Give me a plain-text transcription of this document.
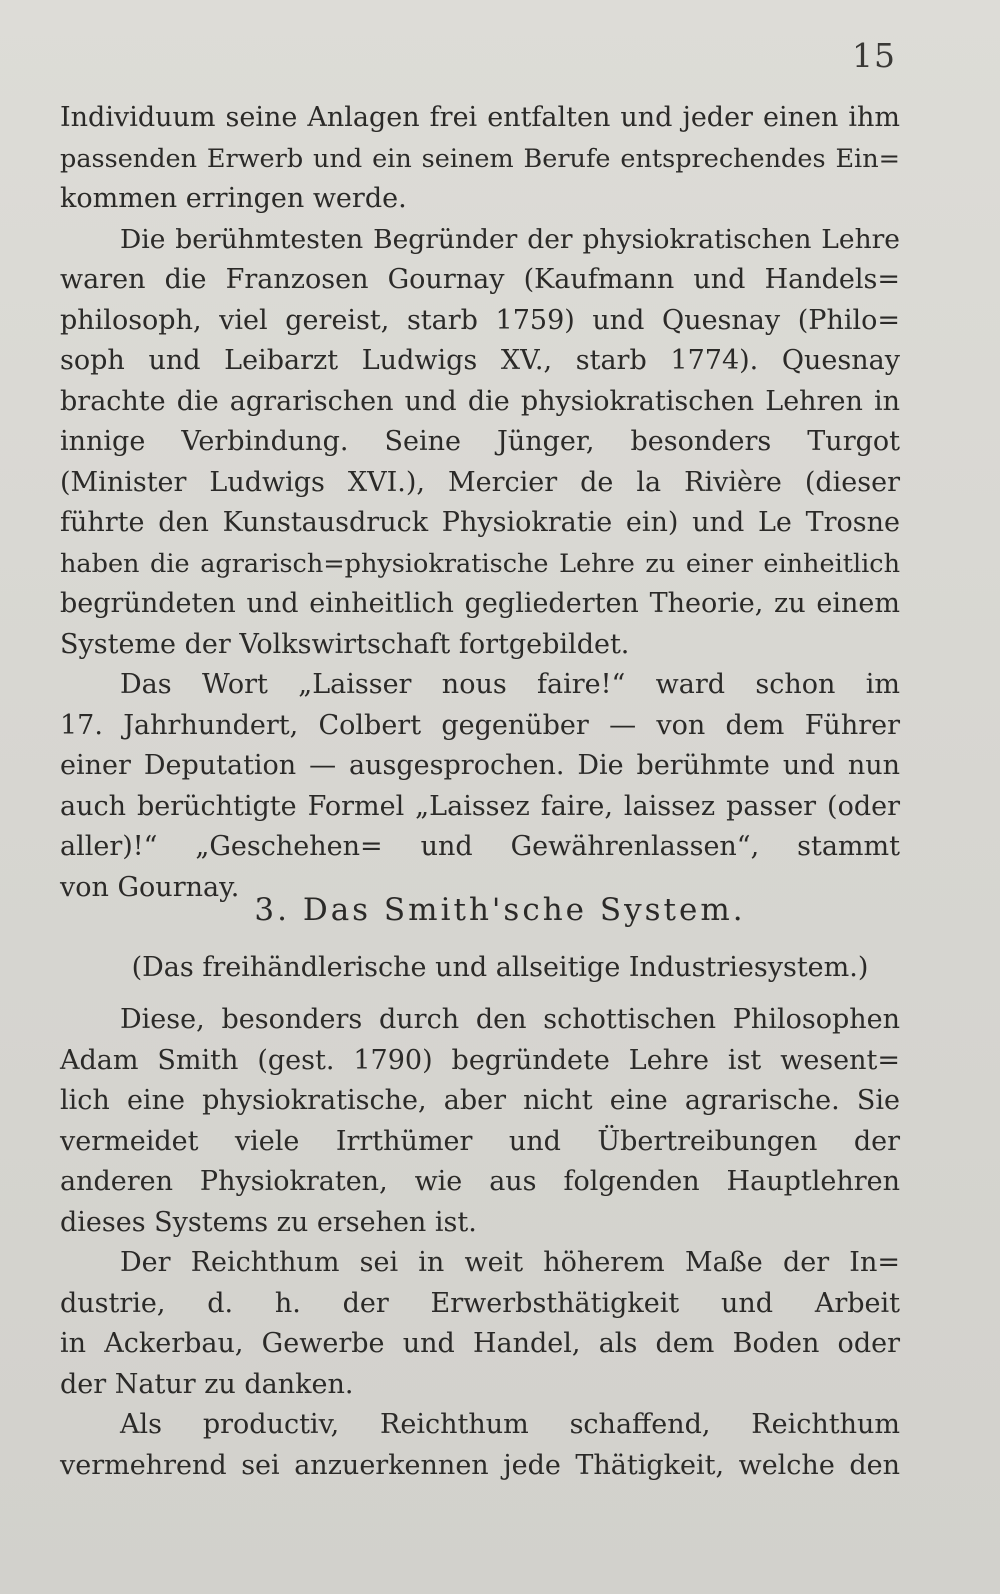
15
Individuum seine Anlagen frei entfalten und jeder einen ihm
passenden Erwerb und ein seinem Berufe entsprechendes Ein=
kommen erringen werde.
Die berühmtesten Begründer der physiokratischen Lehre
waren die Franzosen Gournay (Kaufmann und Handels=
philosoph, viel gereist, starb 1759) und Quesnay (Philo=
soph und Leibarzt Ludwigs XV., starb 1774). Quesnay
brachte die agrarischen und die physiokratischen Lehren in
innige Verbindung. Seine Jünger, besonders Turgot
(Minister Ludwigs XVI.), Mercier de la Rivière (dieser
führte den Kunstausdruck Physiokratie ein) und Le Trosne
haben die agrarisch=physiokratische Lehre zu einer einheitlich
begründeten und einheitlich gegliederten Theorie, zu einem
Systeme der Volkswirtschaft fortgebildet.
Das Wort „Laisser nous faire!“ ward schon im
17. Jahrhundert, Colbert gegenüber — von dem Führer
einer Deputation — ausgesprochen. Die berühmte und nun
auch berüchtigte Formel „Laissez faire, laissez passer (oder
aller)!“ „Geschehen= und Gewährenlassen“, stammt
von Gournay.
3. Das Smith'sche System.
(Das freihändlerische und allseitige Industriesystem.)
Diese, besonders durch den schottischen Philosophen
Adam Smith (gest. 1790) begründete Lehre ist wesent=
lich eine physiokratische, aber nicht eine agrarische. Sie
vermeidet viele Irrthümer und Übertreibungen der
anderen Physiokraten, wie aus folgenden Hauptlehren
dieses Systems zu ersehen ist.
Der Reichthum sei in weit höherem Maße der In=
dustrie, d. h. der Erwerbsthätigkeit und Arbeit
in Ackerbau, Gewerbe und Handel, als dem Boden oder
der Natur zu danken.
Als productiv, Reichthum schaffend, Reichthum
vermehrend sei anzuerkennen jede Thätigkeit, welche den
